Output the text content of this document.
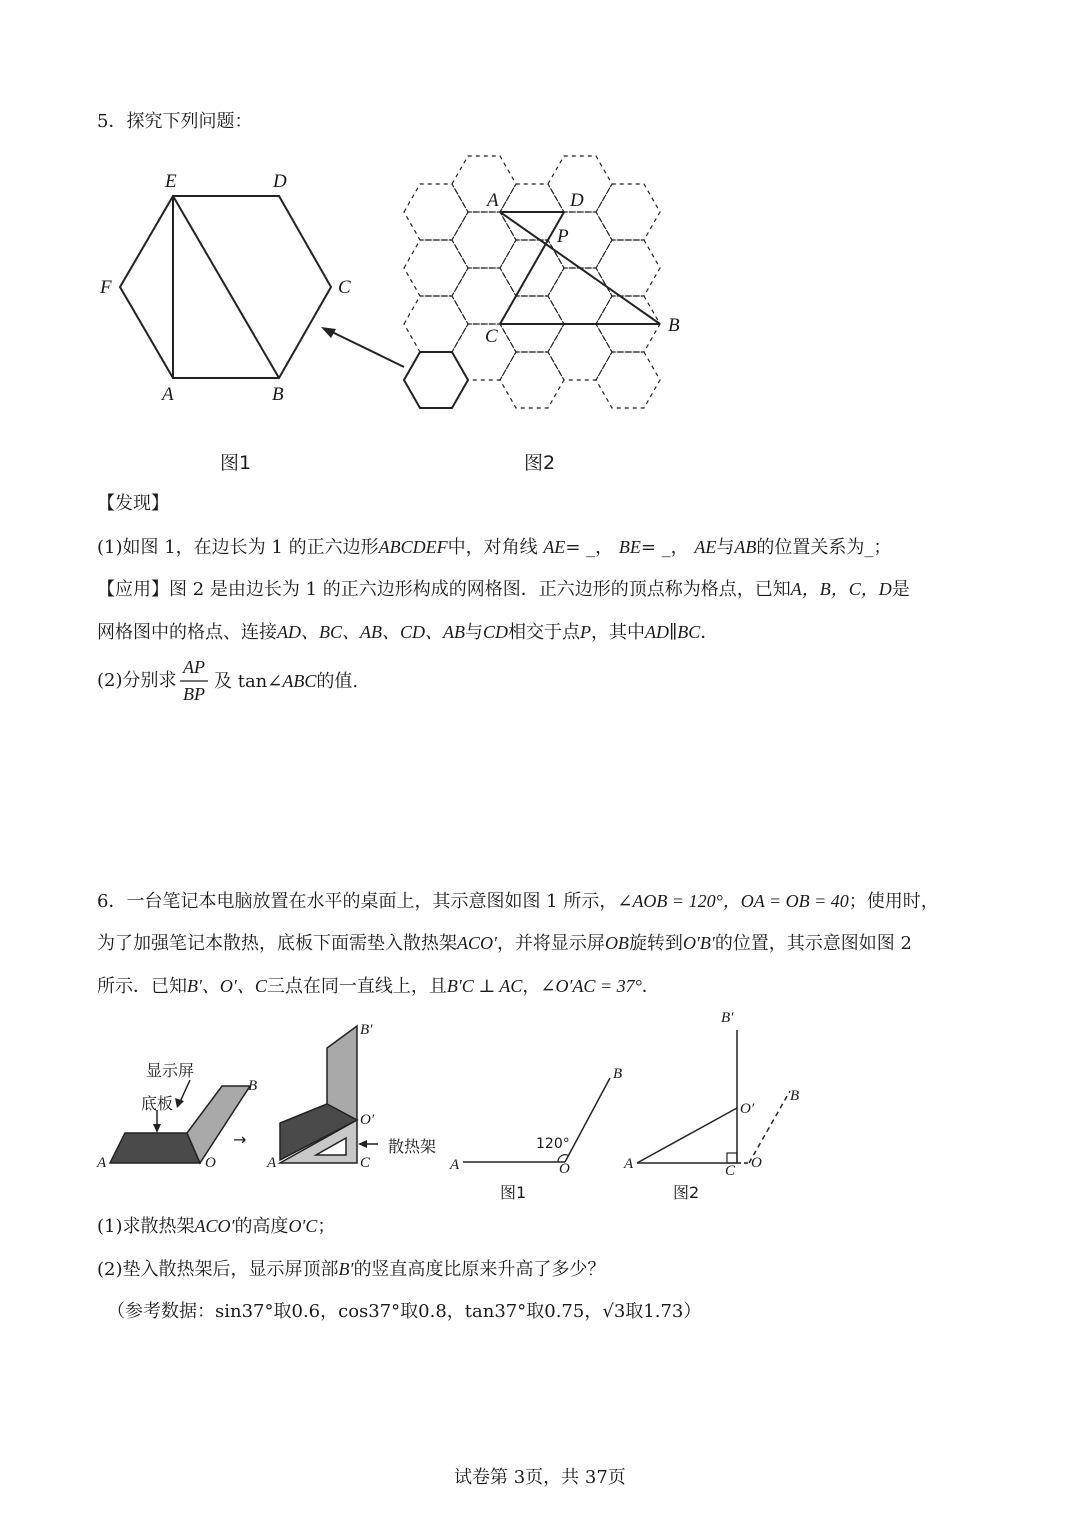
5．探究下列问题：
E	D
F	C
A	B
图1
A	D
P
C
B
图2
【发现】
(1)如图 1，在边长为 1 的正六边形ABCDEF中，对角线 AE= _， BE= _， AE与AB的位置关系为_；
【应用】图 2 是由边长为 1 的正六边形构成的网格图．正六边形的顶点称为格点，已知A，B，C，D是
网格图中的格点、连接AD、BC、AB、CD、AB与CD相交于点P，其中AD∥BC．
(2)分别求
AP
BP
及 tan∠ABC的值.
6．一台笔记本电脑放置在水平的桌面上，其示意图如图 1 所示，∠AOB = 120°，OA = OB = 40；使用时，
为了加强笔记本散热，底板下面需垫入散热架ACO′，并将显示屏OB旋转到O′B′的位置，其示意图如图 2
所示．已知B′、O′、C三点在同一直线上，且B′C ⊥ AC，∠O′AC = 37°．
显示屏
底板
散热架
→
A	O
B
B′
O′
A	C	A	O
B
120°
图1
B′
O′
A	C O
B
图2
(1)求散热架ACO′的高度O′C；
(2)垫入散热架后，显示屏顶部B′的竖直高度比原来升高了多少？
（参考数据：sin37°取0.6，cos37°取0.8，tan37°取0.75，√3取1.73）
试卷第 3页，共 37页
